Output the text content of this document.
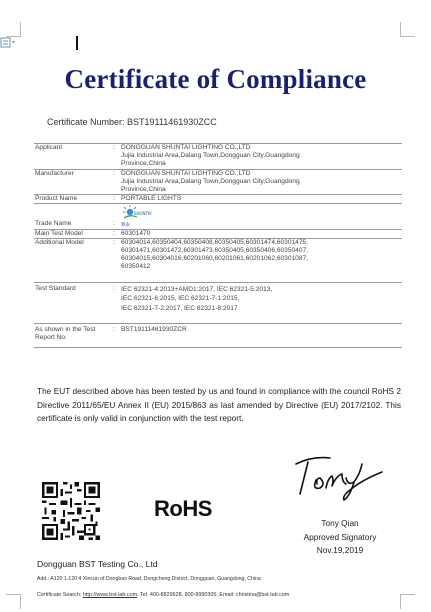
Certificate of Compliance
Certificate Number: BST19111461930ZCC
Applicant	:	DONGGUAN SHUNTAI LIGHTING CO.,LTD
Jujia Industrial Area,Dalang Town,Dongguan City,Guangdong
Province,China

Manufacturer	:	DONGGUAN SHUNTAI LIGHTING CO.,LTD
Jujia Industrial Area,Dalang Town,Dongguan City,Guangdong
Province,China

Product Name	:	PORTABLE LIGHTS
Trade Name	:	SHUNTAI
顺泰

Main Test Model	:	60301470
Additional Model	:	60304014,60350404,60350408,60350405,60301474,60301475,
60301471,60301472,60301473,60350405,60350406,60350407,
60304015,60304016,60201060,60201061,60201062,60301087,
60350412

Test Standard	:	IEC 62321-4:2013+AMD1:2017, IEC 62321-5:2013,
IEC 62321-6:2015, IEC 62321-7-1:2015,
IEC 62321-7-2:2017, IEC 62321-8:2017

As shown in the Test Report No.	:	BST19111461930ZCR
The EUT described above has been tested by us and found in compliance with the council RoHS 2 Directive 2011/65/EU Annex II (EU) 2015/863 as last amended by Directive (EU) 2017/2102. This certificate is only valid in conjunction with the test report.
RoHS
Tony Qian
Approved Signatory
Nov.19,2019
Dongguan BST Testing Co., Ltd
Add.: A120 1-120 4 Xincun of Dongbao Road, Dongcheng District, Dongguan, Guangdong, China
Certificate Search: http://www.bst-lab.com, Tel: 400-8829628, 800-9990305, Email: christina@bst-lab.com
